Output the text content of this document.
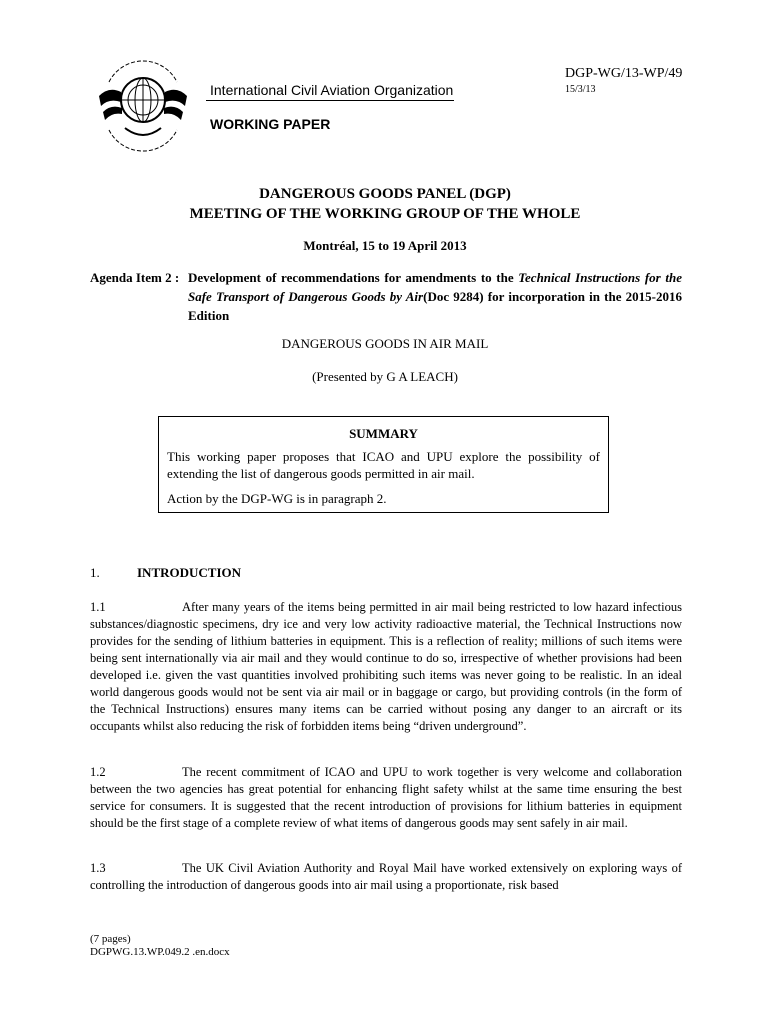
International Civil Aviation Organization
DGP-WG/13-WP/49
15/3/13
WORKING PAPER
DANGEROUS GOODS PANEL (DGP)
MEETING OF THE WORKING GROUP OF THE WHOLE
Montréal, 15 to 19 April 2013
Agenda Item 2 : Development of recommendations for amendments to the Technical Instructions for the Safe Transport of Dangerous Goods by Air(Doc 9284) for incorporation in the 2015-2016 Edition
DANGEROUS GOODS IN AIR MAIL
(Presented by G A LEACH)
SUMMARY

This working paper proposes that ICAO and UPU explore the possibility of extending the list of dangerous goods permitted in air mail.

Action by the DGP-WG is in paragraph 2.

1.	INTRODUCTION
1.1	After many years of the items being permitted in air mail being restricted to low hazard infectious substances/diagnostic specimens, dry ice and very low activity radioactive material, the Technical Instructions now provides for the sending of lithium batteries in equipment. This is a reflection of reality; millions of such items were being sent internationally via air mail and they would continue to do so, irrespective of whether provisions had been developed i.e. given the vast quantities involved prohibiting such items was never going to be realistic. In an ideal world dangerous goods would not be sent via air mail or in baggage or cargo, but providing controls (in the form of the Technical Instructions) ensures many items can be carried without posing any danger to an aircraft or its occupants whilst also reducing the risk of forbidden items being “driven underground”.
1.2	The recent commitment of ICAO and UPU to work together is very welcome and collaboration between the two agencies has great potential for enhancing flight safety whilst at the same time ensuring the best service for consumers. It is suggested that the recent introduction of provisions for lithium batteries in equipment should be the first stage of a complete review of what items of dangerous goods may sent safely in air mail.
1.3	The UK Civil Aviation Authority and Royal Mail have worked extensively on exploring ways of controlling the introduction of dangerous goods into air mail using a proportionate, risk based
(7 pages)
DGPWG.13.WP.049.2 .en.docx
